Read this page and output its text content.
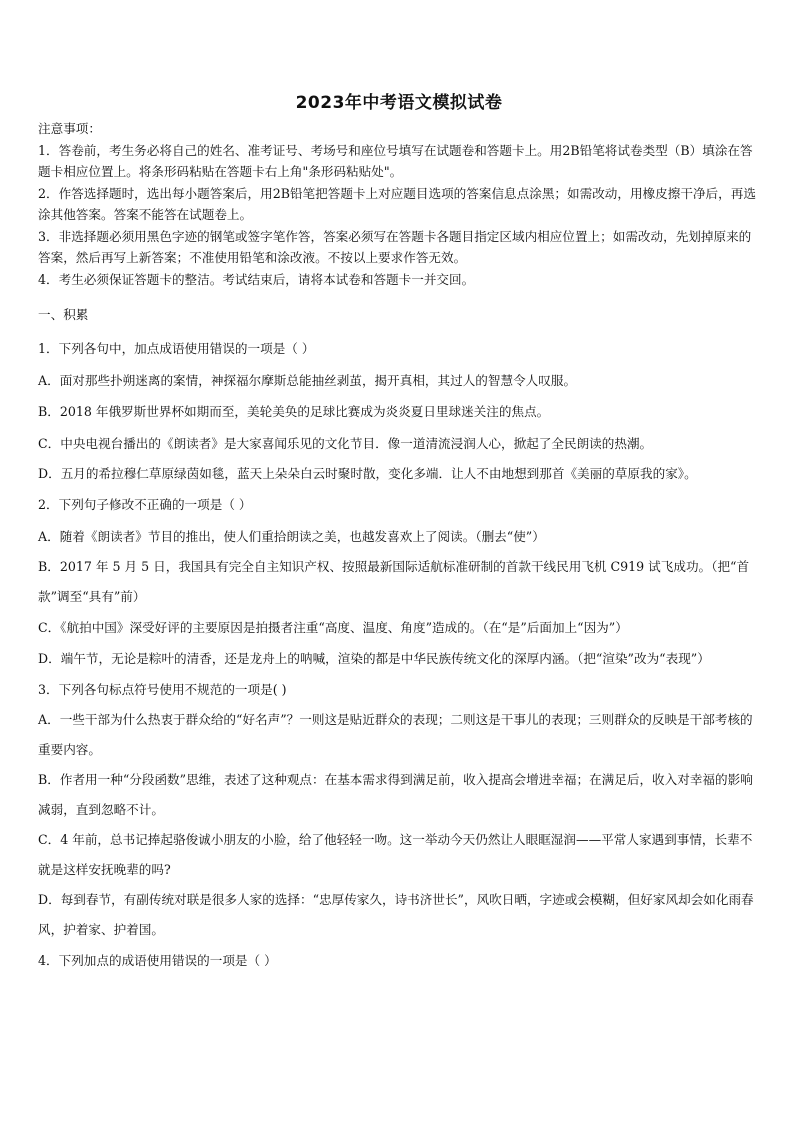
2023年中考语文模拟试卷

注意事项：

1．答卷前，考生务必将自己的姓名、准考证号、考场号和座位号填写在试题卷和答题卡上。用2B铅笔将试卷类型（B）填涂在答题卡相应位置上。将条形码粘贴在答题卡右上角"条形码粘贴处"。

2．作答选择题时，选出每小题答案后，用2B铅笔把答题卡上对应题目选项的答案信息点涂黑；如需改动，用橡皮擦干净后，再选涂其他答案。答案不能答在试题卷上。

3．非选择题必须用黑色字迹的钢笔或签字笔作答，答案必须写在答题卡各题目指定区域内相应位置上；如需改动，先划掉原来的答案，然后再写上新答案；不准使用铅笔和涂改液。不按以上要求作答无效。

4．考生必须保证答题卡的整洁。考试结束后，请将本试卷和答题卡一并交回。

一、积累

1．下列各句中，加点成语使用错误的一项是（ ）

A．面对那些扑朔迷离的案情，神探福尔摩斯总能抽丝剥茧，揭开真相，其过人的智慧令人叹服。

B．2018 年俄罗斯世界杯如期而至，美轮美奂的足球比赛成为炎炎夏日里球迷关注的焦点。

C．中央电视台播出的《朗读者》是大家喜闻乐见的文化节目．像一道清流浸润人心，掀起了全民朗读的热潮。

D．五月的希拉穆仁草原绿茵如毯，蓝天上朵朵白云时聚时散，变化多端．让人不由地想到那首《美丽的草原我的家》。

2．下列句子修改不正确的一项是（ ）

A．随着《朗读者》节目的推出，使人们重拾朗读之美，也越发喜欢上了阅读。（删去“使”）

B．2017 年 5 月 5 日，我国具有完全自主知识产权、按照最新国际适航标准研制的首款干线民用飞机 C919 试飞成功。（把“首款”调至“具有”前）

C．《航拍中国》深受好评的主要原因是拍摄者注重“高度、温度、角度”造成的。（在“是”后面加上“因为”）

D．端午节，无论是粽叶的清香，还是龙舟上的呐喊，渲染的都是中华民族传统文化的深厚内涵。（把“渲染”改为“表现”）

3．下列各句标点符号使用不规范的一项是( )

A．一些干部为什么热衷于群众给的“好名声”？一则这是贴近群众的表现；二则这是干事儿的表现；三则群众的反映是干部考核的重要内容。

B．作者用一种“分段函数”思维，表述了这种观点：在基本需求得到满足前，收入提高会增进幸福；在满足后，收入对幸福的影响减弱，直到忽略不计。

C．4 年前，总书记捧起骆俊诚小朋友的小脸，给了他轻轻一吻。这一举动今天仍然让人眼眶湿润——平常人家遇到事情，长辈不就是这样安抚晚辈的吗?

D．每到春节，有副传统对联是很多人家的选择：“忠厚传家久，诗书济世长”，风吹日晒，字迹或会模糊，但好家风却会如化雨春风，护着家、护着国。

4．下列加点的成语使用错误的一项是（ ）
